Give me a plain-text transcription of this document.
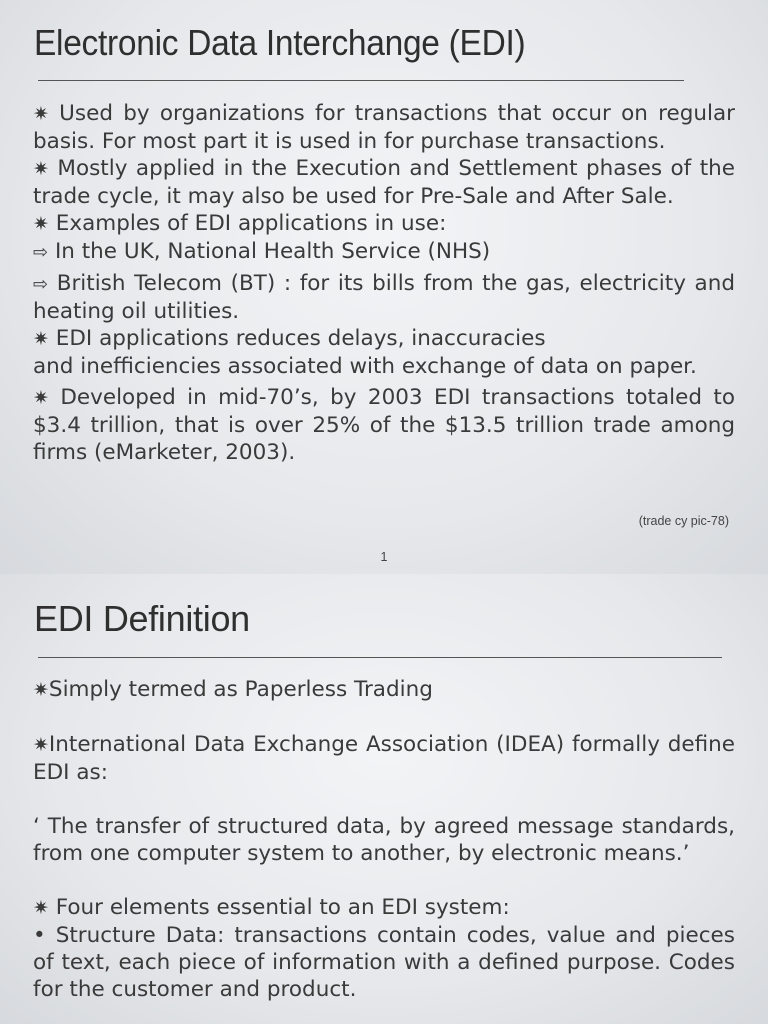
Electronic Data Interchange (EDI)

✷ Used by organizations for transactions that occur on regular basis. For most part it is used in for purchase transactions.

✷ Mostly applied in the Execution and Settlement phases of the trade cycle, it may also be used for Pre-Sale and After Sale.

✷ Examples of EDI applications in use:

⇨ In the UK, National Health Service (NHS)

⇨ British Telecom (BT) : for its bills from the gas, electricity and heating oil utilities.

✷ EDI applications reduces delays, inaccuracies

and inefficiencies associated with exchange of data on paper.

✷ Developed in mid-70’s, by 2003 EDI transactions totaled to $3.4 trillion, that is over 25% of the $13.5 trillion trade among firms (eMarketer, 2003).

(trade cy pic-78)
1
EDI Definition

✷Simply termed as Paperless Trading

✷International Data Exchange Association (IDEA) formally define EDI as:

‘ The transfer of structured data, by agreed message standards, from one computer system to another, by electronic means.’

✷ Four elements essential to an EDI system:

• Structure Data: transactions contain codes, value and pieces of text, each piece of information with a defined purpose. Codes for the customer and product.
